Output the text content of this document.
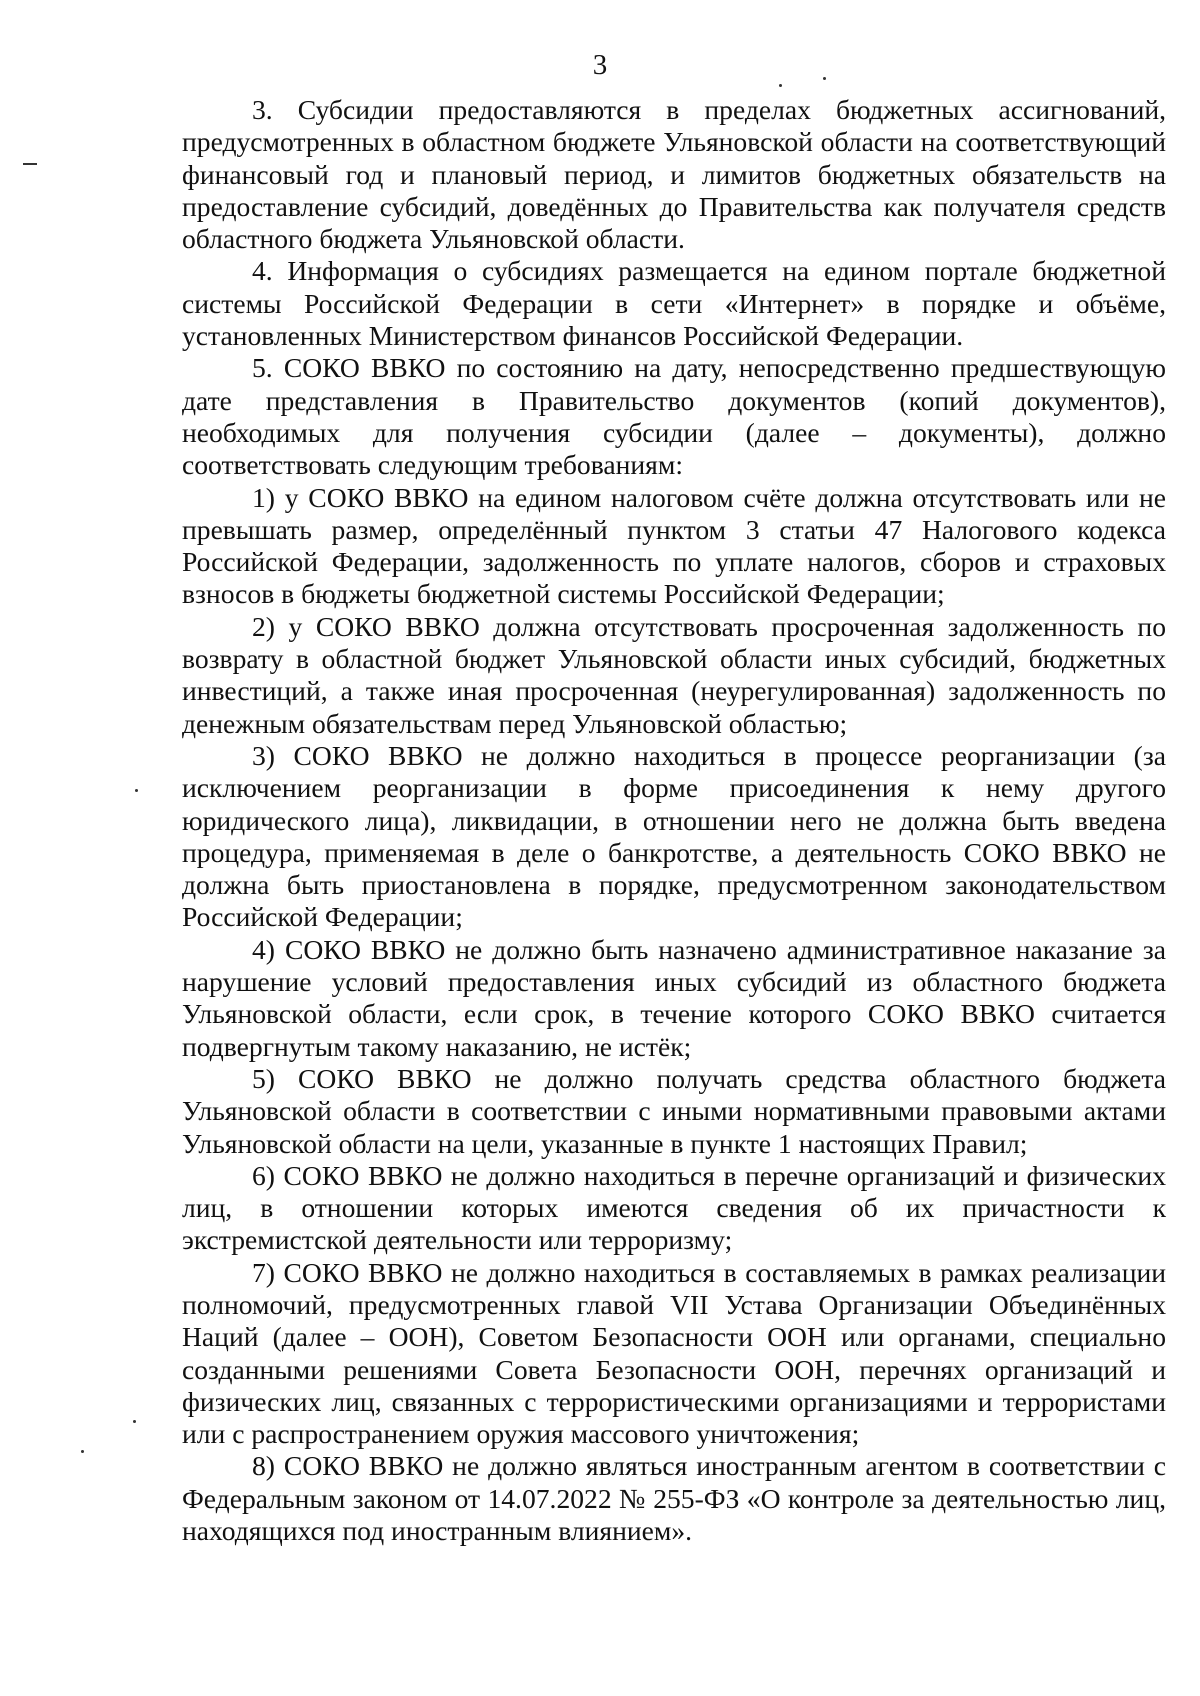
3

3. Субсидии предоставляются в пределах бюджетных ассигнований, предусмотренных в областном бюджете Ульяновской области на соответствующий финансовый год и плановый период, и лимитов бюджетных обязательств на предоставление субсидий, доведённых до Правительства как получателя средств областного бюджета Ульяновской области.

4. Информация о субсидиях размещается на едином портале бюджетной системы Российской Федерации в сети «Интернет» в порядке и объёме, установленных Министерством финансов Российской Федерации.

5. СОКО ВВКО по состоянию на дату, непосредственно предшествующую дате представления в Правительство документов (копий документов), необходимых для получения субсидии (далее – документы), должно соответствовать следующим требованиям:

1) у СОКО ВВКО на едином налоговом счёте должна отсутствовать или не превышать размер, определённый пунктом 3 статьи 47 Налогового кодекса Российской Федерации, задолженность по уплате налогов, сборов и страховых взносов в бюджеты бюджетной системы Российской Федерации;

2) у СОКО ВВКО должна отсутствовать просроченная задолженность по возврату в областной бюджет Ульяновской области иных субсидий, бюджетных инвестиций, а также иная просроченная (неурегулированная) задолженность по денежным обязательствам перед Ульяновской областью;

3) СОКО ВВКО не должно находиться в процессе реорганизации (за исключением реорганизации в форме присоединения к нему другого юридического лица), ликвидации, в отношении него не должна быть введена процедура, применяемая в деле о банкротстве, а деятельность СОКО ВВКО не должна быть приостановлена в порядке, предусмотренном законодательством Российской Федерации;

4) СОКО ВВКО не должно быть назначено административное наказание за нарушение условий предоставления иных субсидий из областного бюджета Ульяновской области, если срок, в течение которого СОКО ВВКО считается подвергнутым такому наказанию, не истёк;

5) СОКО ВВКО не должно получать средства областного бюджета Ульяновской области в соответствии с иными нормативными правовыми актами Ульяновской области на цели, указанные в пункте 1 настоящих Правил;

6) СОКО ВВКО не должно находиться в перечне организаций и физических лиц, в отношении которых имеются сведения об их причастности к экстремистской деятельности или терроризму;

7) СОКО ВВКО не должно находиться в составляемых в рамках реализации полномочий, предусмотренных главой VII Устава Организации Объединённых Наций (далее – ООН), Советом Безопасности ООН или органами, специально созданными решениями Совета Безопасности ООН, перечнях организаций и физических лиц, связанных с террористическими организациями и террористами или с распространением оружия массового уничтожения;

8) СОКО ВВКО не должно являться иностранным агентом в соответствии с Федеральным законом от 14.07.2022 № 255-ФЗ «О контроле за деятельностью лиц, находящихся под иностранным влиянием».
